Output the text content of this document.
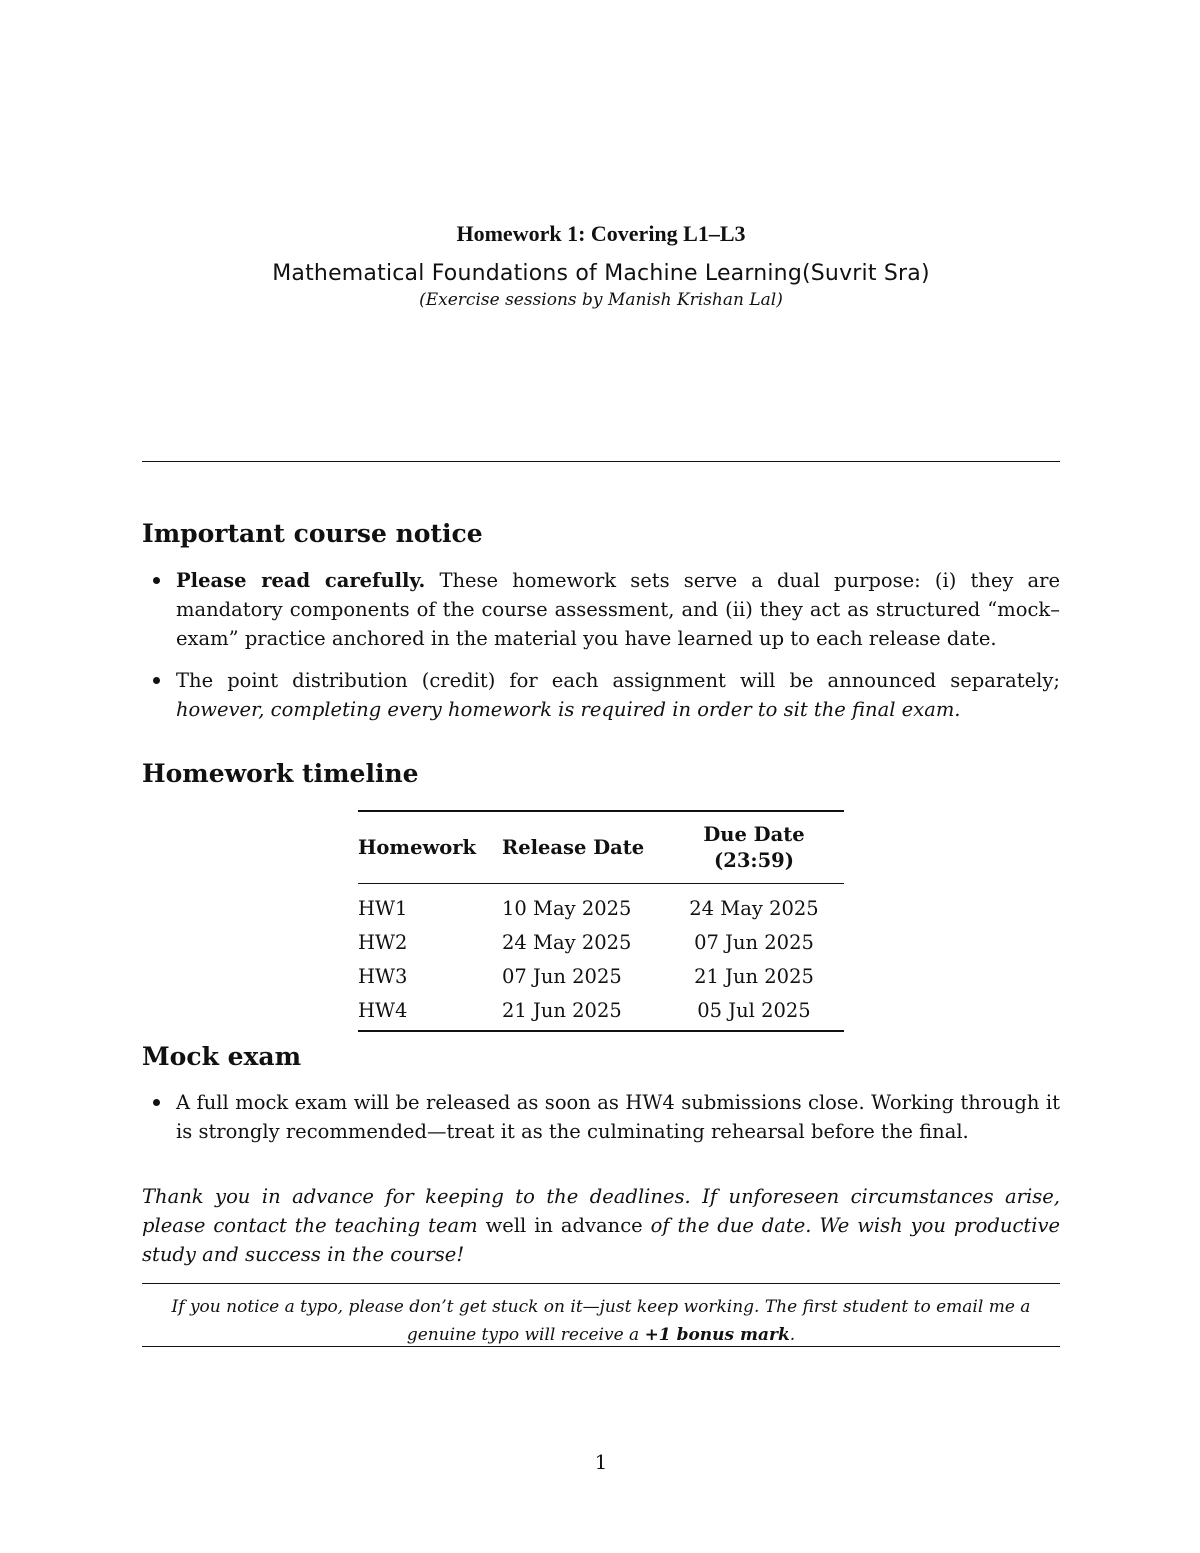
Homework 1: Covering L1–L3
Mathematical Foundations of Machine Learning(Suvrit Sra)
(Exercise sessions by Manish Krishan Lal)
Important course notice
Please read carefully. These homework sets serve a dual purpose: (i) they are mandatory components of the course assessment, and (ii) they act as structured “mock–exam” practice anchored in the material you have learned up to each release date.
The point distribution (credit) for each assignment will be announced separately; however, completing every homework is required in order to sit the final exam.
Homework timeline
Homework	Release Date	Due Date (23:59)
HW1	10 May 2025	24 May 2025
HW2	24 May 2025	07 Jun 2025
HW3	07 Jun 2025	21 Jun 2025
HW4	21 Jun 2025	05 Jul 2025
Mock exam
A full mock exam will be released as soon as HW4 submissions close. Working through it is strongly recommended—treat it as the culminating rehearsal before the final.
Thank you in advance for keeping to the deadlines. If unforeseen circumstances arise, please contact the teaching team well in advance of the due date. We wish you productive study and success in the course!
If you notice a typo, please don’t get stuck on it—just keep working. The first student to email me a genuine typo will receive a +1 bonus mark.
1
